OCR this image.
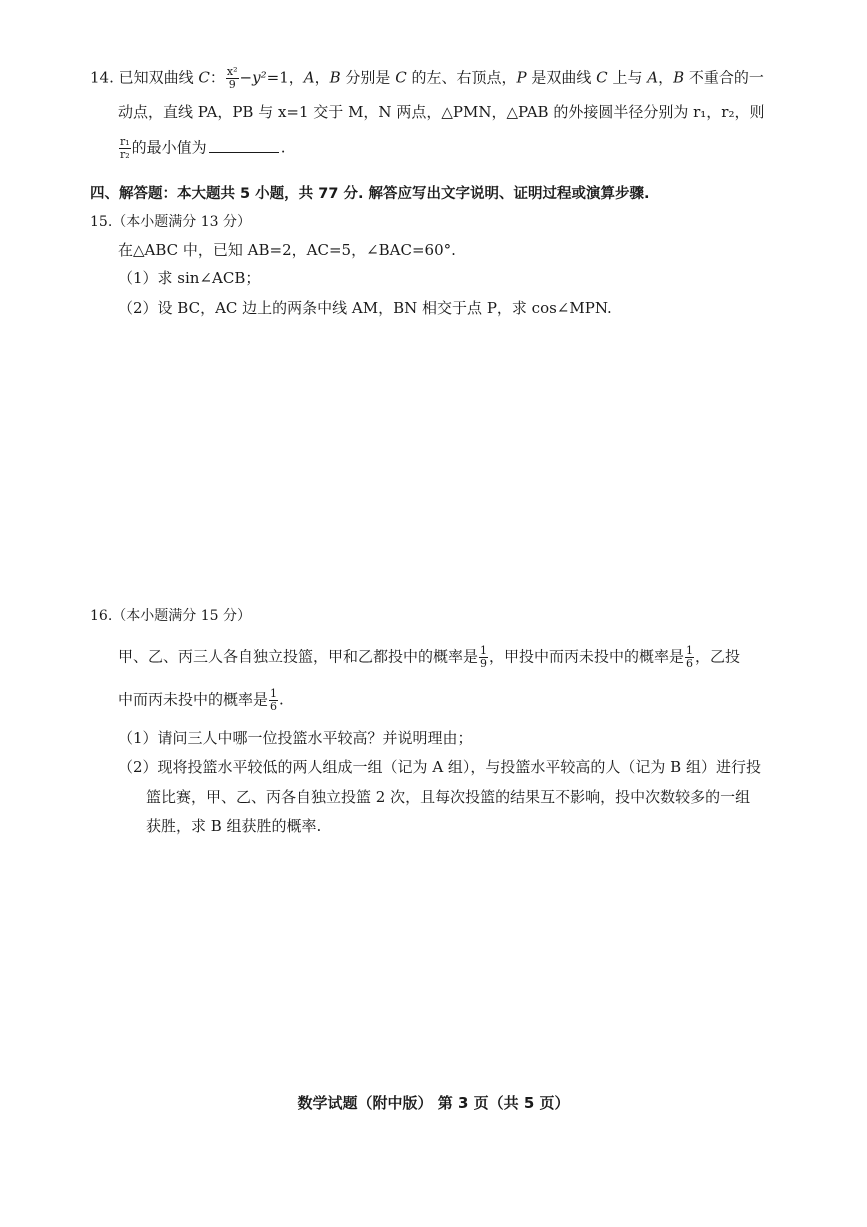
14. 已知双曲线 C： $\frac{\text{x²}}{9} -y^2=1$，A，B 分别是 C 的左、右顶点，P 是双曲线 C 上与 A，B 不重合的一
动点，直线 PA，PB 与 x=1 交于 M，N 两点，△PMN，△PAB 的外接圆半径分别为 r₁，r₂，则
$\frac{\text{r₁}}{\text{r₂}}$ 的最小值为	.
四、解答题：本大题共 5 小题，共 77 分. 解答应写出文字说明、证明过程或演算步骤.
15.（本小题满分 13 分）
在△ABC 中，已知 AB=2，AC=5，∠BAC=60°.
（1）求 sin∠ACB；
（2）设 BC，AC 边上的两条中线 AM，BN 相交于点 P，求 cos∠MPN.
16.（本小题满分 15 分）
甲、乙、丙三人各自独立投篮，甲和乙都投中的概率是 $\frac{1}{9}$ ，甲投中而丙未投中的概率是 $\frac{1}{6}$ ，乙投
中而丙未投中的概率是 $\frac{1}{6}$ .
（1）请问三人中哪一位投篮水平较高？并说明理由；
（2）现将投篮水平较低的两人组成一组（记为 A 组），与投篮水平较高的人（记为 B 组）进行投
篮比赛，甲、乙、丙各自独立投篮 2 次，且每次投篮的结果互不影响，投中次数较多的一组
获胜，求 B 组获胜的概率.
数学试题（附中版） 第 3 页（共 5 页）
